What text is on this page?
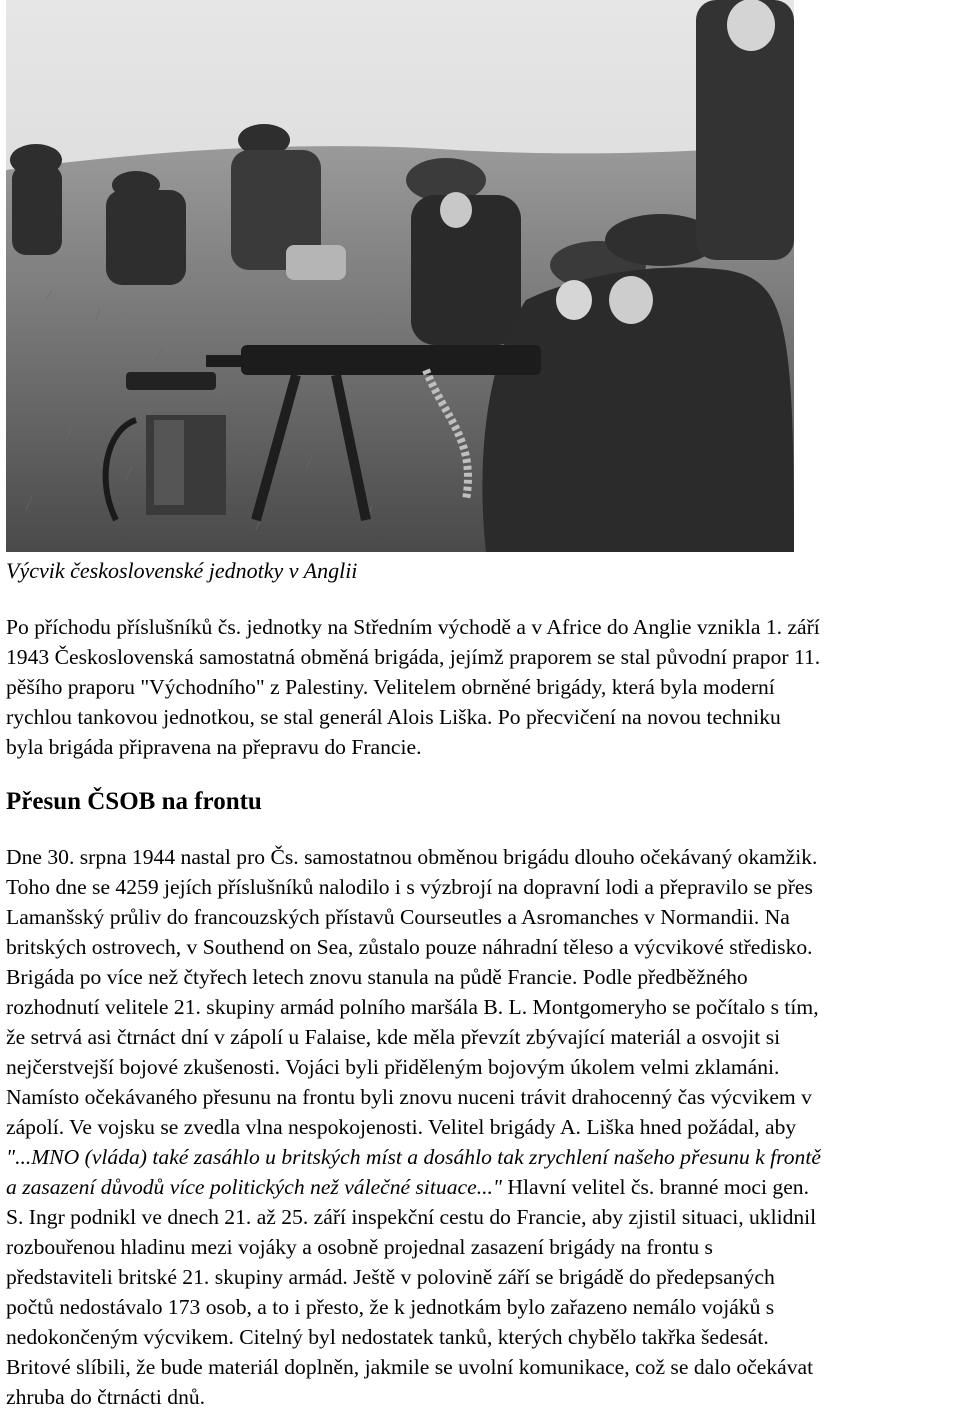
Výcvik československé jednotky v Anglii
Po příchodu příslušníků čs. jednotky na Středním východě a v Africe do Anglie vznikla 1. září
1943 Československá samostatná obměná brigáda, jejímž praporem se stal původní prapor 11.
pěšího praporu "Východního" z Palestiny. Velitelem obrněné brigády, která byla moderní
rychlou tankovou jednotkou, se stal generál Alois Liška. Po přecvičení na novou techniku
byla brigáda připravena na přepravu do Francie.
Přesun ČSOB na frontu
Dne 30. srpna 1944 nastal pro Čs. samostatnou obměnou brigádu dlouho očekávaný okamžik.
Toho dne se 4259 jejích příslušníků nalodilo i s výzbrojí na dopravní lodi a přepravilo se přes
Lamanšský průliv do francouzských přístavů Courseutles a Asromanches v Normandii. Na
britských ostrovech, v Southend on Sea, zůstalo pouze náhradní těleso a výcvikové středisko.
Brigáda po více než čtyřech letech znovu stanula na půdě Francie. Podle předběžného
rozhodnutí velitele 21. skupiny armád polního maršála B. L. Montgomeryho se počítalo s tím,
že setrvá asi čtrnáct dní v zápolí u Falaise, kde měla převzít zbývající materiál a osvojit si
nejčerstvejší bojové zkušenosti. Vojáci byli přiděleným bojovým úkolem velmi zklamáni.
Namísto očekávaného přesunu na frontu byli znovu nuceni trávit drahocenný čas výcvikem v
zápolí. Ve vojsku se zvedla vlna nespokojenosti. Velitel brigády A. Liška hned požádal, aby
"...MNO (vláda) také zasáhlo u britských míst a dosáhlo tak zrychlení našeho přesunu k frontě
a zasazení důvodů více politických než válečné situace..." Hlavní velitel čs. branné moci gen.
S. Ingr podnikl ve dnech 21. až 25. září inspekční cestu do Francie, aby zjistil situaci, uklidnil
rozbouřenou hladinu mezi vojáky a osobně projednal zasazení brigády na frontu s
představiteli britské 21. skupiny armád. Ještě v polovině září se brigádě do předepsaných
počtů nedostávalo 173 osob, a to i přesto, že k jednotkám bylo zařazeno nemálo vojáků s
nedokončeným výcvikem. Citelný byl nedostatek tanků, kterých chybělo takřka šedesát.
Britové slíbili, že bude materiál doplněn, jakmile se uvolní komunikace, což se dalo očekávat
zhruba do čtrnácti dnů.
